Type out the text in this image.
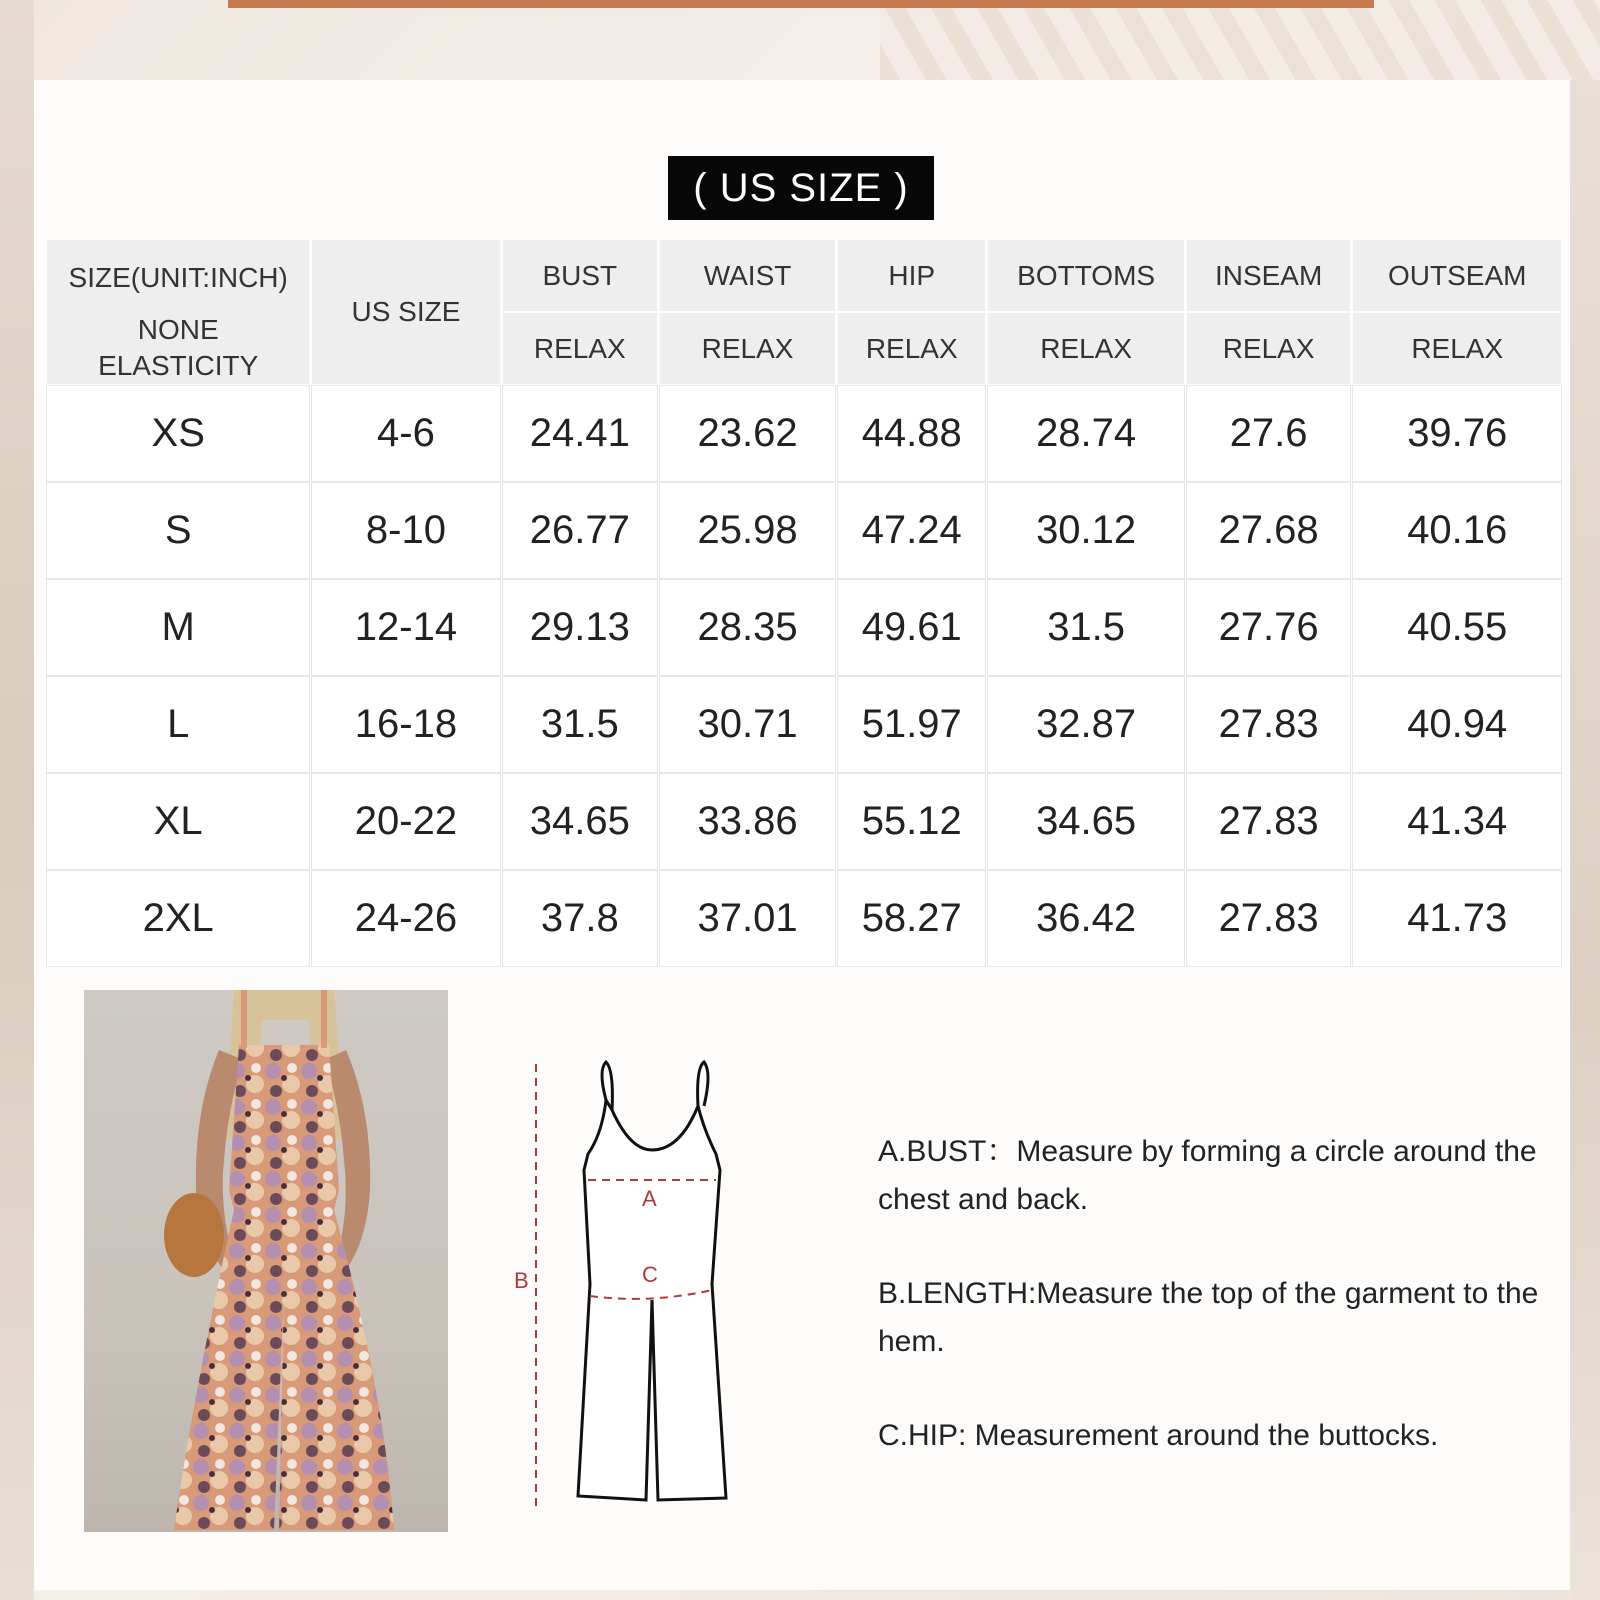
( US SIZE )
SIZE(UNIT:INCH)
NONE
ELASTICITY	US SIZE	BUST	WAIST	HIP	BOTTOMS	INSEAM	OUTSEAM
		RELAX	RELAX	RELAX	RELAX	RELAX	RELAX
XS	4-6	24.41	23.62	44.88	28.74	27.6	39.76
S	8-10	26.77	25.98	47.24	30.12	27.68	40.16
M	12-14	29.13	28.35	49.61	31.5	27.76	40.55
L	16-18	31.5	30.71	51.97	32.87	27.83	40.94
XL	20-22	34.65	33.86	55.12	34.65	27.83	41.34
2XL	24-26	37.8	37.01	58.27	36.42	27.83	41.73
B
A
C

A.BUST：Measure by forming a circle around the chest and back.

B.LENGTH:Measure the top of the garment to the hem.

C.HIP: Measurement around the buttocks.
